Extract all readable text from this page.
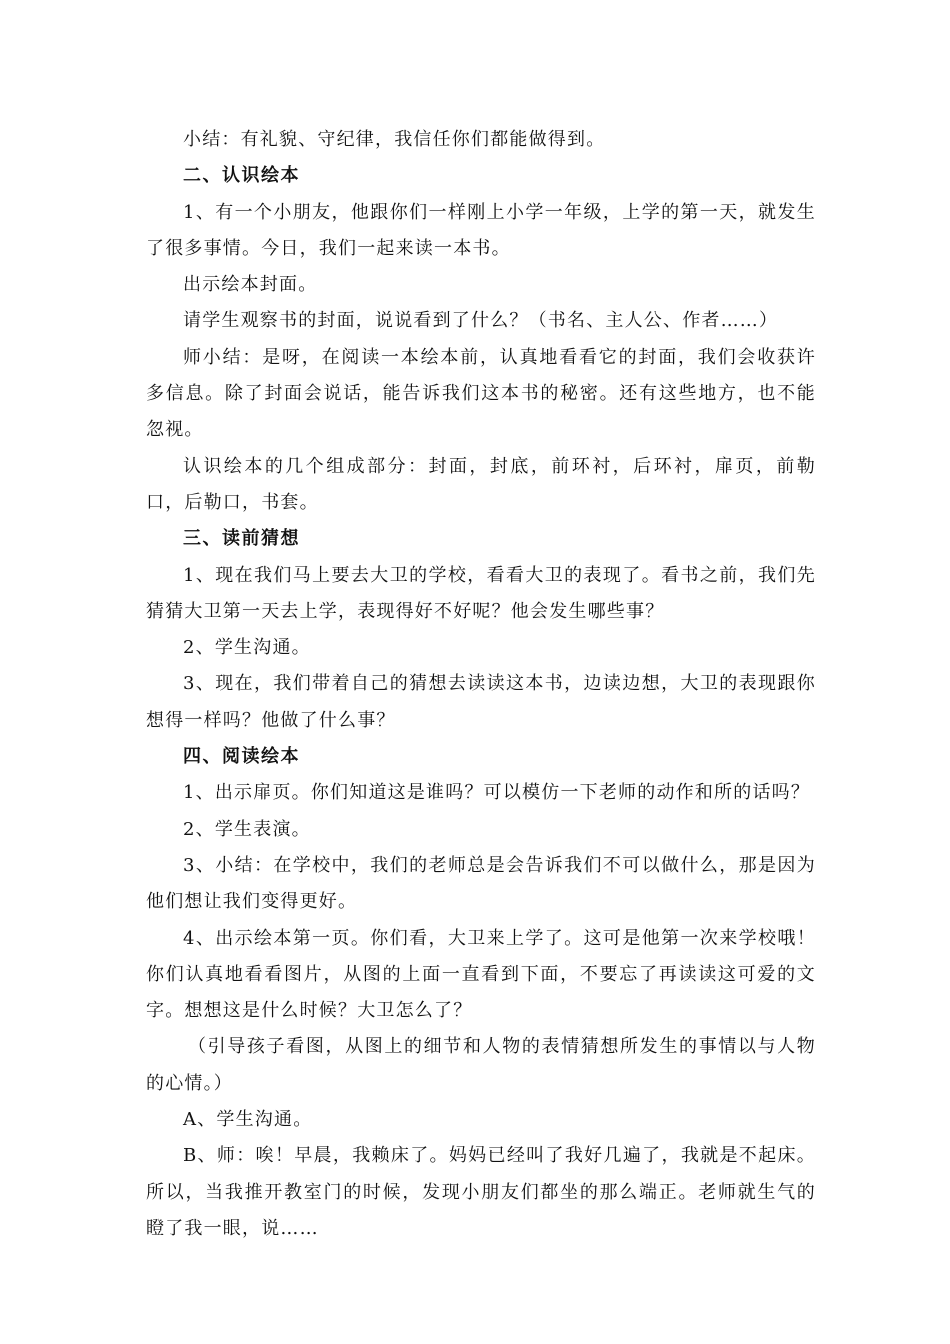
小结：有礼貌、守纪律，我信任你们都能做得到。

二、认识绘本

1、有一个小朋友，他跟你们一样刚上小学一年级，上学的第一天，就发生了很多事情。今日，我们一起来读一本书。

出示绘本封面。

请学生观察书的封面，说说看到了什么？（书名、主人公、作者……）

师小结：是呀，在阅读一本绘本前，认真地看看它的封面，我们会收获许多信息。除了封面会说话，能告诉我们这本书的秘密。还有这些地方，也不能忽视。

认识绘本的几个组成部分：封面，封底，前环衬，后环衬，扉页，前勒口，后勒口，书套。

三、读前猜想

1、现在我们马上要去大卫的学校，看看大卫的表现了。看书之前，我们先猜猜大卫第一天去上学，表现得好不好呢？他会发生哪些事？

2、学生沟通。

3、现在，我们带着自己的猜想去读读这本书，边读边想，大卫的表现跟你想得一样吗？他做了什么事？

四、阅读绘本

1、出示扉页。你们知道这是谁吗？可以模仿一下老师的动作和所的话吗？

2、学生表演。

3、小结：在学校中，我们的老师总是会告诉我们不可以做什么，那是因为他们想让我们变得更好。

4、出示绘本第一页。你们看，大卫来上学了。这可是他第一次来学校哦！你们认真地看看图片，从图的上面一直看到下面，不要忘了再读读这可爱的文字。想想这是什么时候？大卫怎么了？

（引导孩子看图，从图上的细节和人物的表情猜想所发生的事情以与人物的心情。）

A、学生沟通。

B、师：唉！早晨，我赖床了。妈妈已经叫了我好几遍了，我就是不起床。所以，当我推开教室门的时候，发现小朋友们都坐的那么端正。老师就生气的瞪了我一眼，说……
